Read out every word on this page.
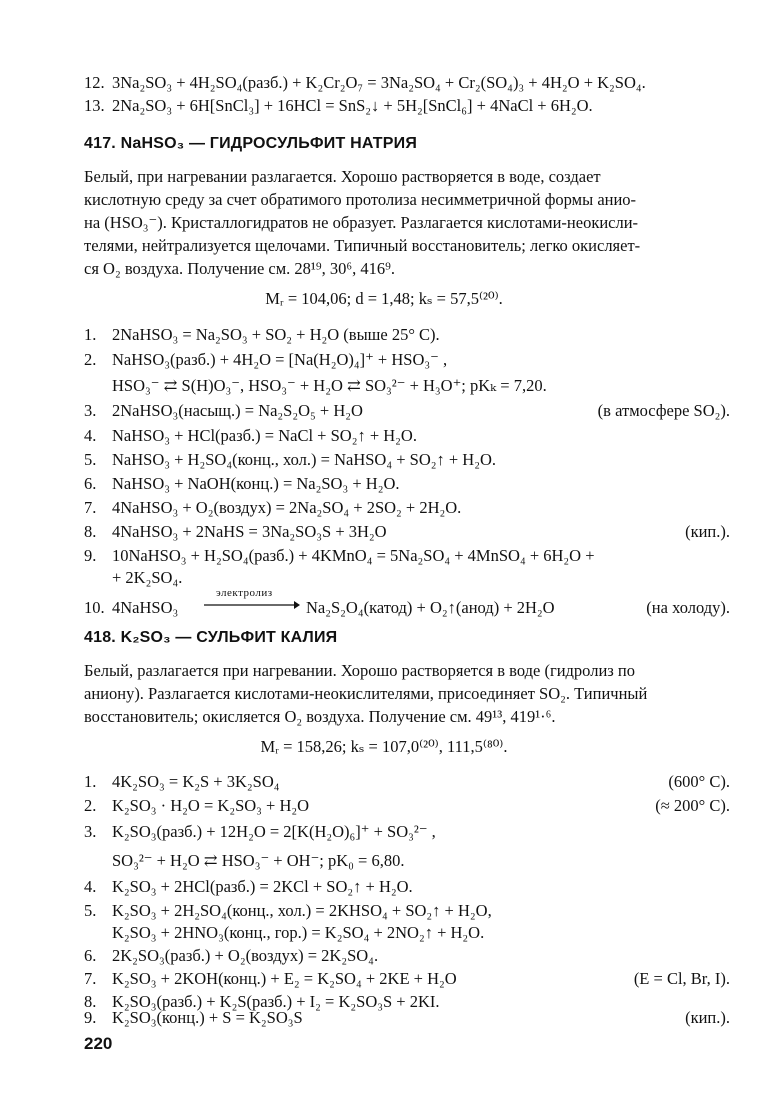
12. 3Na₂SO₃ + 4H₂SO₄(разб.) + K₂Cr₂O₇ = 3Na₂SO₄ + Cr₂(SO₄)₃ + 4H₂O + K₂SO₄.
13. 2Na₂SO₃ + 6H[SnCl₃] + 16HCl = SnS₂↓ + 5H₂[SnCl₆] + 4NaCl + 6H₂O.
417. NaHSO₃ — ГИДРОСУЛЬФИТ НАТРИЯ
Белый, при нагревании разлагается. Хорошо растворяется в воде, создает
кислотную среду за счет обратимого протолиза несимметричной формы анио-
на (HSO₃⁻). Кристаллогидратов не образует. Разлагается кислотами-неокисли-
телями, нейтрализуется щелочами. Типичный восстановитель; легко окисляет-
ся O₂ воздуха. Получение см. 28¹⁹, 30⁶, 416⁹.
Mᵣ = 104,06; d = 1,48; kₛ = 57,5⁽²⁰⁾.
1. 2NaHSO₃ = Na₂SO₃ + SO₂ + H₂O (выше 25° C).
2. NaHSO₃(разб.) + 4H₂O = [Na(H₂O)₄]⁺ + HSO₃⁻ ,
HSO₃⁻ ⇄ S(H)O₃⁻, HSO₃⁻ + H₂O ⇄ SO₃²⁻ + H₃O⁺; pKₖ = 7,20.
3. 2NaHSO₃(насыщ.) = Na₂S₂O₅ + H₂O	(в атмосфере SO₂).
4. NaHSO₃ + HCl(разб.) = NaCl + SO₂↑ + H₂O.
5. NaHSO₃ + H₂SO₄(конц., хол.) = NaHSO₄ + SO₂↑ + H₂O.
6. NaHSO₃ + NaOH(конц.) = Na₂SO₃ + H₂O.
7. 4NaHSO₃ + O₂(воздух) = 2Na₂SO₄ + 2SO₂ + 2H₂O.
8. 4NaHSO₃ + 2NaHS = 3Na₂SO₃S + 3H₂O	(кип.).
9. 10NaHSO₃ + H₂SO₄(разб.) + 4KMnO₄ = 5Na₂SO₄ + 4MnSO₄ + 6H₂O +
+ 2K₂SO₄.
10. 4NaHSO₃
электролиз
Na₂S₂O₄(катод) + O₂↑(анод) + 2H₂O	(на холоду).
418. K₂SO₃ — СУЛЬФИТ КАЛИЯ
Белый, разлагается при нагревании. Хорошо растворяется в воде (гидролиз по
аниону). Разлагается кислотами-неокислителями, присоединяет SO₂. Типичный
восстановитель; окисляется O₂ воздуха. Получение см. 49¹³, 419¹·⁶.
Mᵣ = 158,26; kₛ = 107,0⁽²⁰⁾, 111,5⁽⁸⁰⁾.
1. 4K₂SO₃ = K₂S + 3K₂SO₄	(600° C).
2. K₂SO₃ · H₂O = K₂SO₃ + H₂O	(≈ 200° C).
3. K₂SO₃(разб.) + 12H₂O = 2[K(H₂O)₆]⁺ + SO₃²⁻ ,
SO₃²⁻ + H₂O ⇄ HSO₃⁻ + OH⁻; pK₀ = 6,80.
4. K₂SO₃ + 2HCl(разб.) = 2KCl + SO₂↑ + H₂O.
5. K₂SO₃ + 2H₂SO₄(конц., хол.) = 2KHSO₄ + SO₂↑ + H₂O,
K₂SO₃ + 2HNO₃(конц., гор.) = K₂SO₄ + 2NO₂↑ + H₂O.
6. 2K₂SO₃(разб.) + O₂(воздух) = 2K₂SO₄.
7. K₂SO₃ + 2KOH(конц.) + E₂ = K₂SO₄ + 2KE + H₂O	(E = Cl, Br, I).
8. K₂SO₃(разб.) + K₂S(разб.) + I₂ = K₂SO₃S + 2KI.
9. K₂SO₃(конц.) + S = K₂SO₃S	(кип.).
220
